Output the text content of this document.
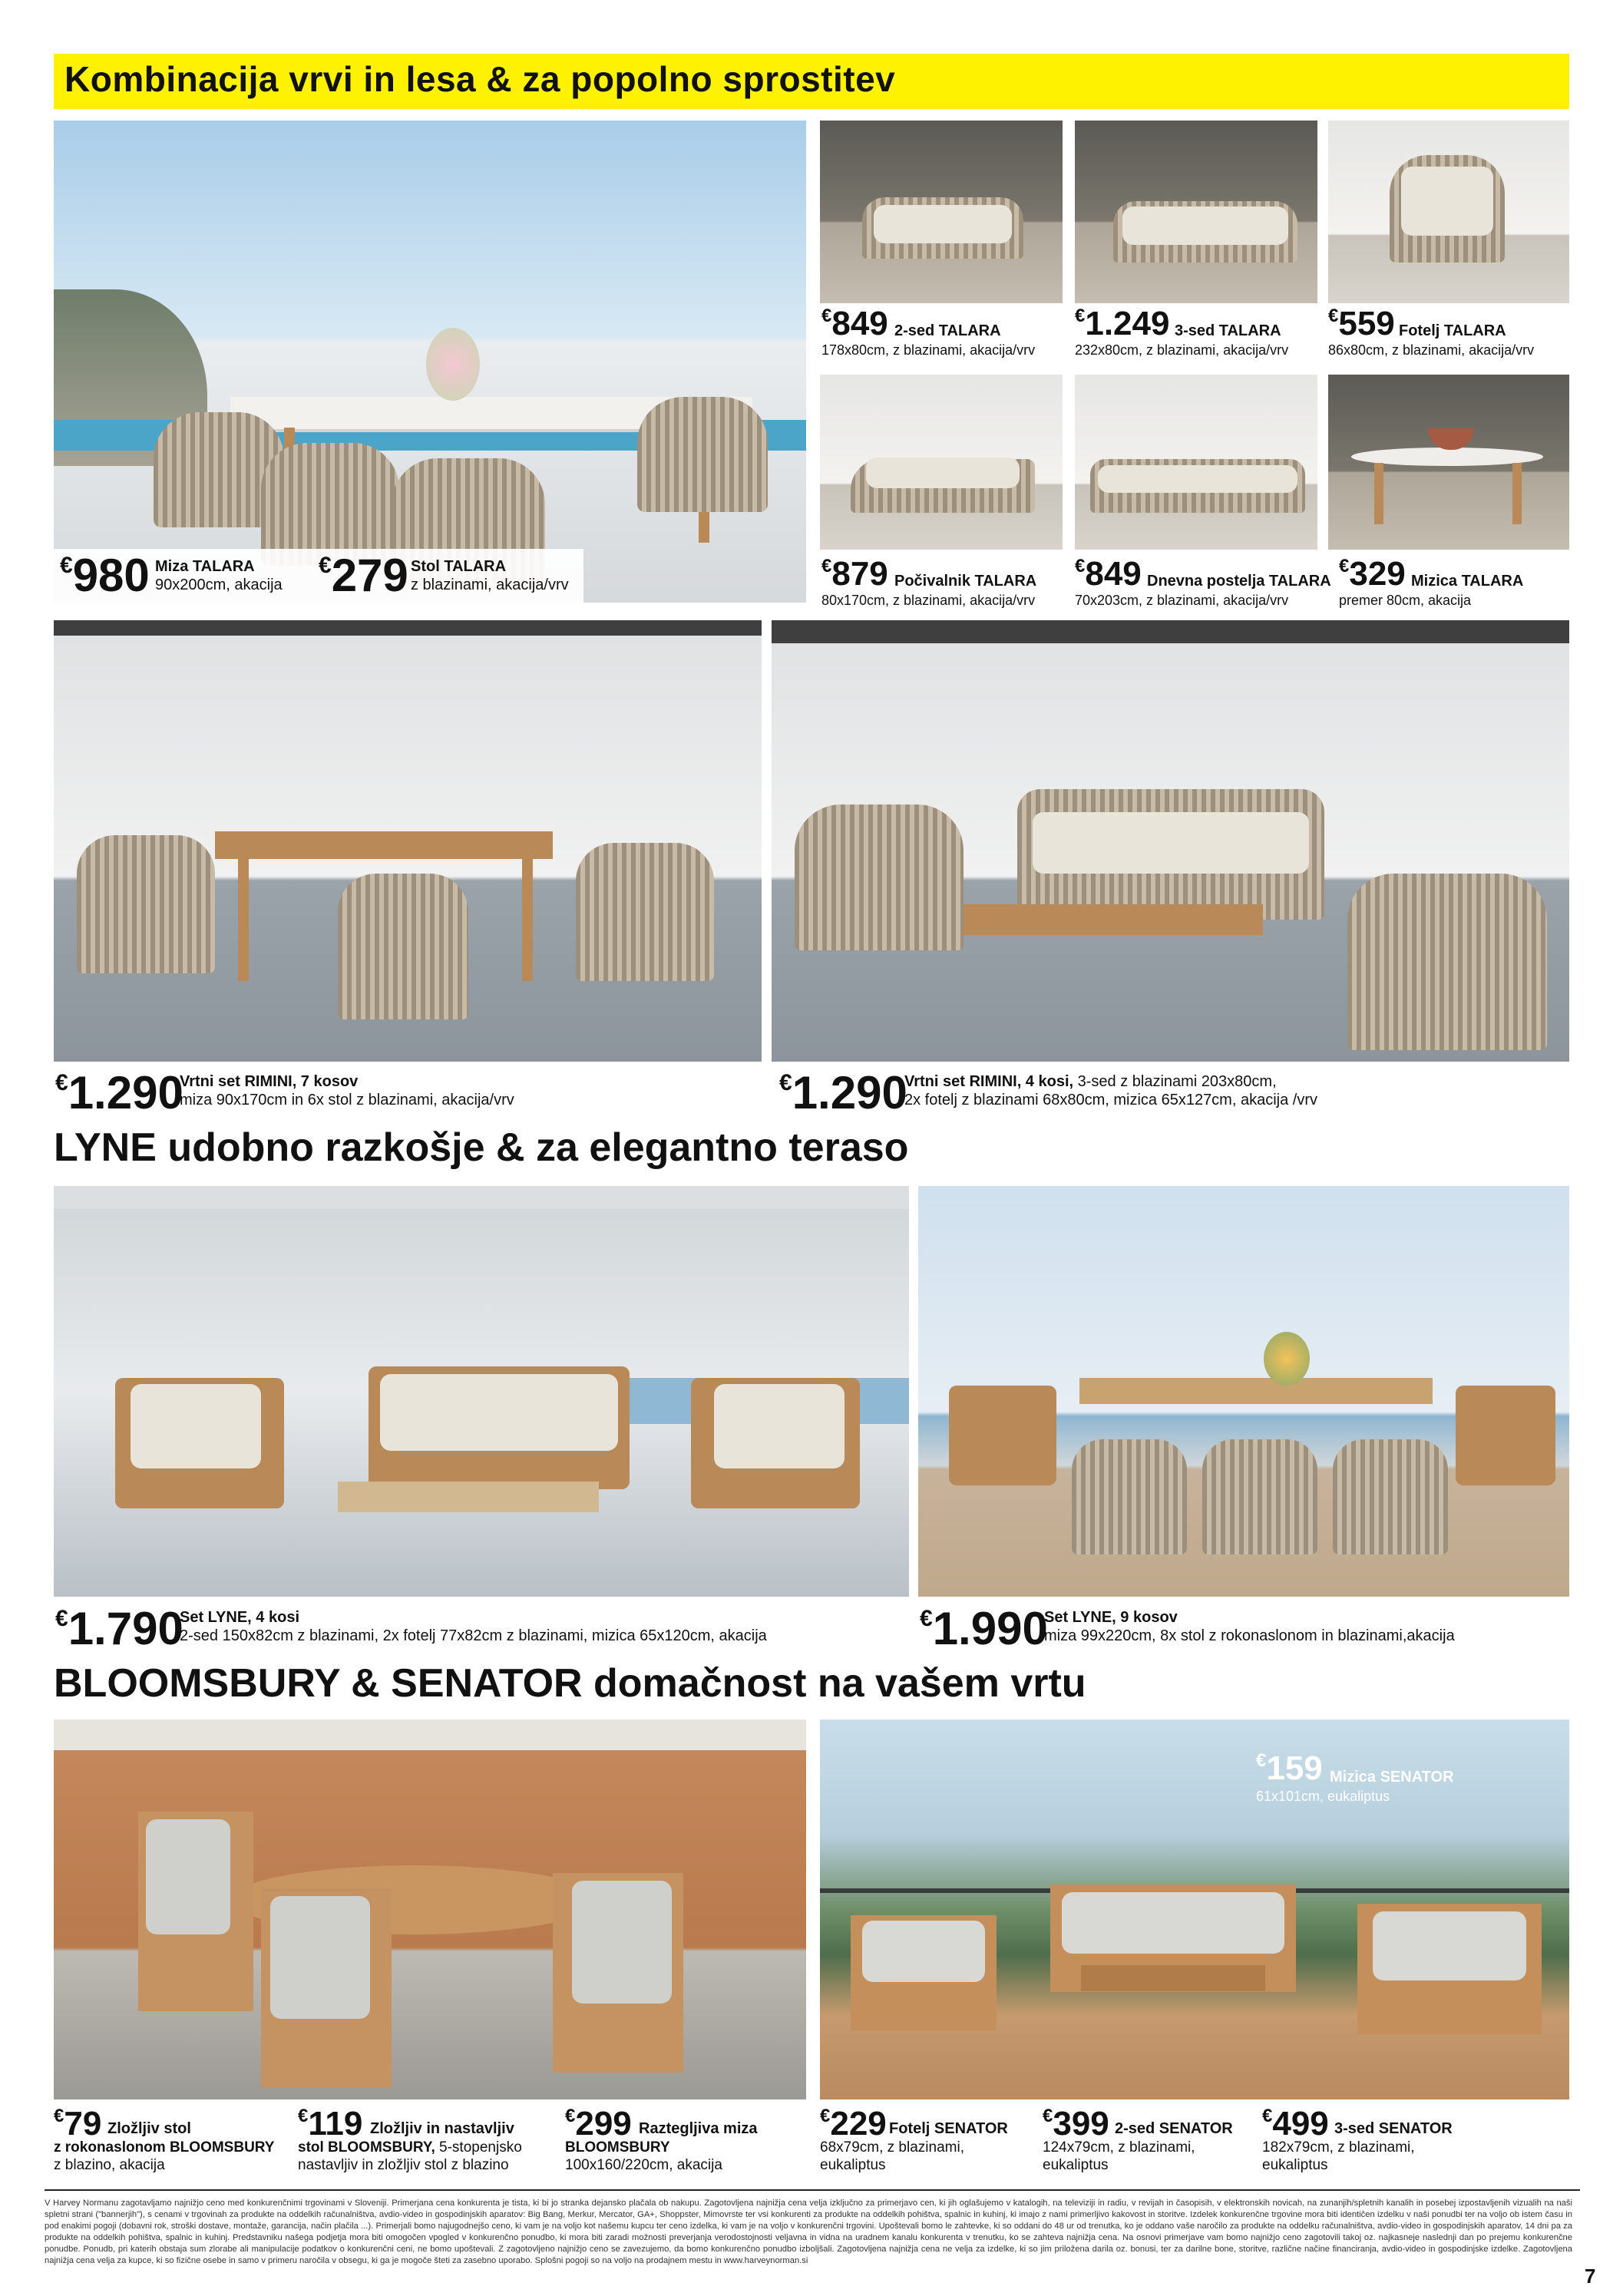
Kombinacija vrvi in lesa & za popolno sprostitev
€980 Miza TALARA
90x200cm, akacija
€279 Stol TALARA
z blazinami, akacija/vrv
€849 2-sed TALARA
178x80cm, z blazinami, akacija/vrv
€1.249 3-sed TALARA
232x80cm, z blazinami, akacija/vrv
€559 Fotelj TALARA
86x80cm, z blazinami, akacija/vrv
€879 Počivalnik TALARA
80x170cm, z blazinami, akacija/vrv
€849 Dnevna postelja TALARA
70x203cm, z blazinami, akacija/vrv
€329 Mizica TALARA
premer 80cm, akacija
€1.290
Vrtni set RIMINI, 7 kosov
miza 90x170cm in 6x stol z blazinami, akacija/vrv
€1.290
Vrtni set RIMINI, 4 kosi, 3-sed z blazinami 203x80cm,
2x fotelj z blazinami 68x80cm, mizica 65x127cm, akacija /vrv
LYNE udobno razkošje & za elegantno teraso
€1.790
Set LYNE, 4 kosi
2-sed 150x82cm z blazinami, 2x fotelj 77x82cm z blazinami, mizica 65x120cm, akacija
€1.990
Set LYNE, 9 kosov
miza 99x220cm, 8x stol z rokonaslonom in blazinami,akacija
BLOOMSBURY & SENATOR domačnost na vašem vrtu
€159 Mizica SENATOR
61x101cm, eukaliptus
€79 Zložljiv stol
z rokonaslonom BLOOMSBURY
z blazino, akacija
€119 Zložljiv in nastavljiv
stol BLOOMSBURY, 5-stopenjsko
nastavljiv in zložljiv stol z blazino
€299 Raztegljiva miza
BLOOMSBURY
100x160/220cm, akacija
€229 Fotelj SENATOR
68x79cm, z blazinami,
eukaliptus
€399 2-sed SENATOR
124x79cm, z blazinami,
eukaliptus
€499 3-sed SENATOR
182x79cm, z blazinami,
eukaliptus
V Harvey Normanu zagotavljamo najnižjo ceno med konkurenčnimi trgovinami v Sloveniji. Primerjana cena konkurenta je tista, ki bi jo stranka dejansko plačala ob nakupu. Zagotovljena najnižja cena velja izključno za primerjavo cen, ki jih oglašujemo v katalogih, na televiziji in radiu, v revijah in časopisih, v elektronskih novicah, na zunanjih/spletnih kanalih in posebej izpostavljenih vizualih na naši spletni strani ("bannerjih"), s cenami v trgovinah za produkte na oddelkih računalništva, avdio-video in gospodinjskih aparatov: Big Bang, Merkur, Mercator, GA+, Shoppster, Mimovrste ter vsi konkurenti za produkte na oddelkih pohištva, spalnic in kuhinj, ki imajo z nami primerljivo kakovost in storitve. Izdelek konkurenčne trgovine mora biti identičen izdelku v naši ponudbi ter na voljo ob istem času in pod enakimi pogoji (dobavni rok, stroški dostave, montaže, garancija, način plačila ...). Primerjali bomo najugodnejšo ceno, ki vam je na voljo kot našemu kupcu ter ceno izdelka, ki vam je na voljo v konkurenčni trgovini. Upoštevali bomo le zahtevke, ki so oddani do 48 ur od trenutka, ko je oddano vaše naročilo za produkte na oddelku računalništva, avdio-video in gospodinjskih aparatov, 14 dni pa za produkte na oddelkih pohištva, spalnic in kuhinj. Predstavniku našega podjetja mora biti omogočen vpogled v konkurenčno ponudbo, ki mora biti zaradi možnosti preverjanja verodostojnosti veljavna in vidna na uradnem kanalu konkurenta v trenutku, ko se zahteva najnižja cena. Na osnovi primerjave vam bomo najnižjo ceno zagotovili takoj oz. najkasneje naslednji dan po prejemu konkurenčne ponudbe. Ponudb, pri katerih obstaja sum zlorabe ali manipulacije podatkov o konkurenčni ceni, ne bomo upoštevali. Z zagotovljeno najnižjo ceno se zavezujemo, da bomo konkurenčno ponudbo izboljšali. Zagotovljena najnižja cena ne velja za izdelke, ki so jim priložena darila oz. bonusi, ter za darilne bone, storitve, različne načine financiranja, avdio-video in gospodinjske izdelke. Zagotovljena najnižja cena velja za kupce, ki so fizične osebe in samo v primeru naročila v obsegu, ki ga je mogoče šteti za zasebno uporabo. Splošni pogoji so na voljo na prodajnem mestu in www.harveynorman.si
7
